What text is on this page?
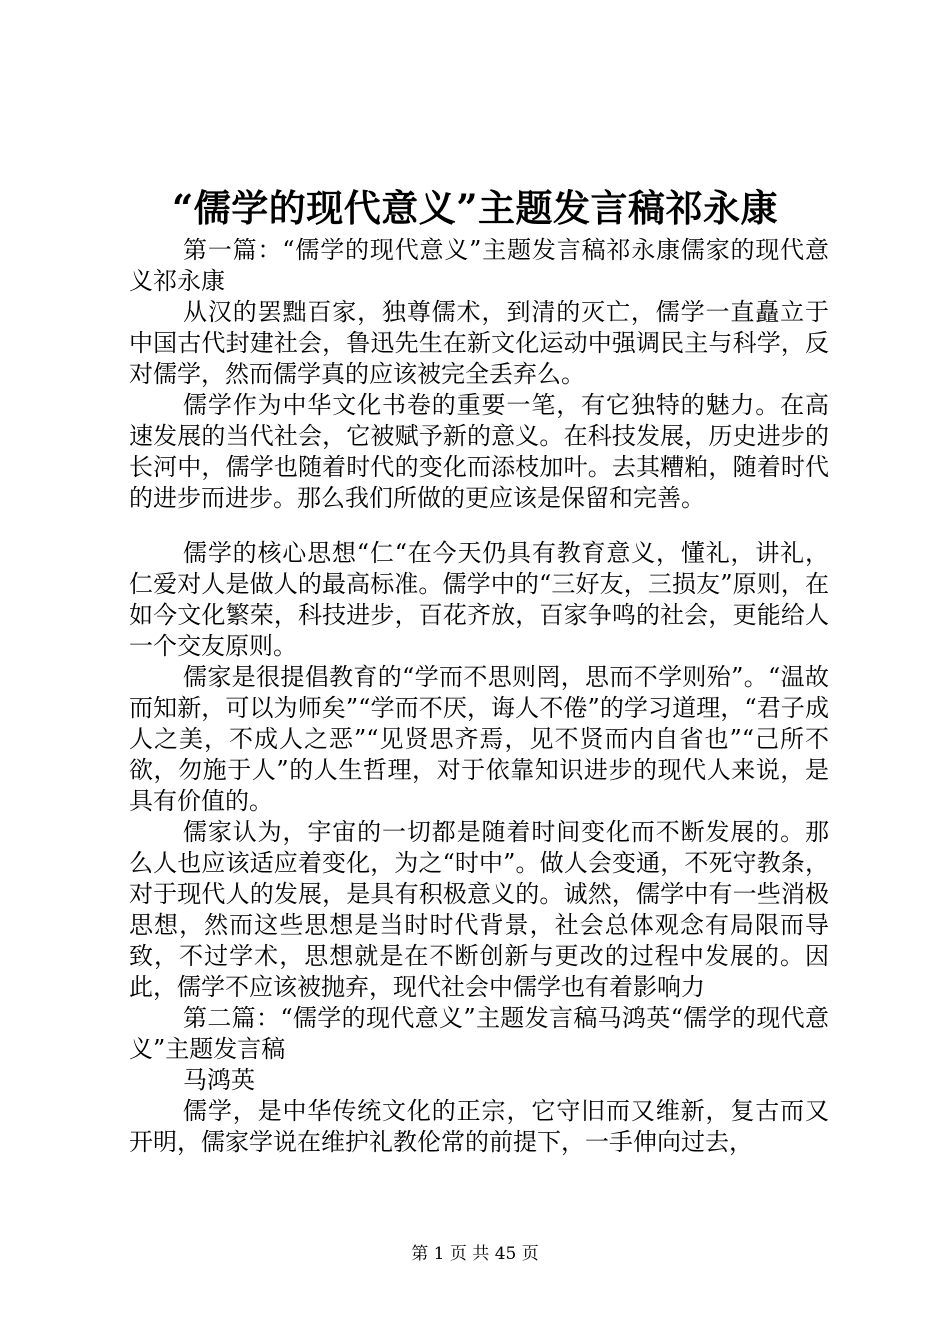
“儒学的现代意义”主题发言稿祁永康

第一篇：“儒学的现代意义”主题发言稿祁永康儒家的现代意义祁永康

从汉的罢黜百家，独尊儒术，到清的灭亡，儒学一直矗立于中国古代封建社会，鲁迅先生在新文化运动中强调民主与科学，反对儒学，然而儒学真的应该被完全丢弃么。

儒学作为中华文化书卷的重要一笔，有它独特的魅力。在高速发展的当代社会，它被赋予新的意义。在科技发展，历史进步的长河中，儒学也随着时代的变化而添枝加叶。去其糟粕，随着时代的进步而进步。那么我们所做的更应该是保留和完善。

儒学的核心思想“仁“在今天仍具有教育意义，懂礼，讲礼，仁爱对人是做人的最高标准。儒学中的“三好友，三损友”原则，在如今文化繁荣，科技进步，百花齐放，百家争鸣的社会，更能给人一个交友原则。

儒家是很提倡教育的“学而不思则罔，思而不学则殆”。“温故而知新，可以为师矣”“学而不厌，诲人不倦”的学习道理，“君子成人之美，不成人之恶”“见贤思齐焉，见不贤而内自省也”“己所不欲，勿施于人”的人生哲理，对于依靠知识进步的现代人来说，是具有价值的。

儒家认为，宇宙的一切都是随着时间变化而不断发展的。那么人也应该适应着变化，为之“时中”。做人会变通，不死守教条，对于现代人的发展，是具有积极意义的。诚然，儒学中有一些消极思想，然而这些思想是当时时代背景，社会总体观念有局限而导致，不过学术，思想就是在不断创新与更改的过程中发展的。因此，儒学不应该被抛弃，现代社会中儒学也有着影响力

第二篇：“儒学的现代意义”主题发言稿马鸿英“儒学的现代意义”主题发言稿

马鸿英

儒学，是中华传统文化的正宗，它守旧而又维新，复古而又开明，儒家学说在维护礼教伦常的前提下，一手伸向过去，

第 1 页 共 45 页
